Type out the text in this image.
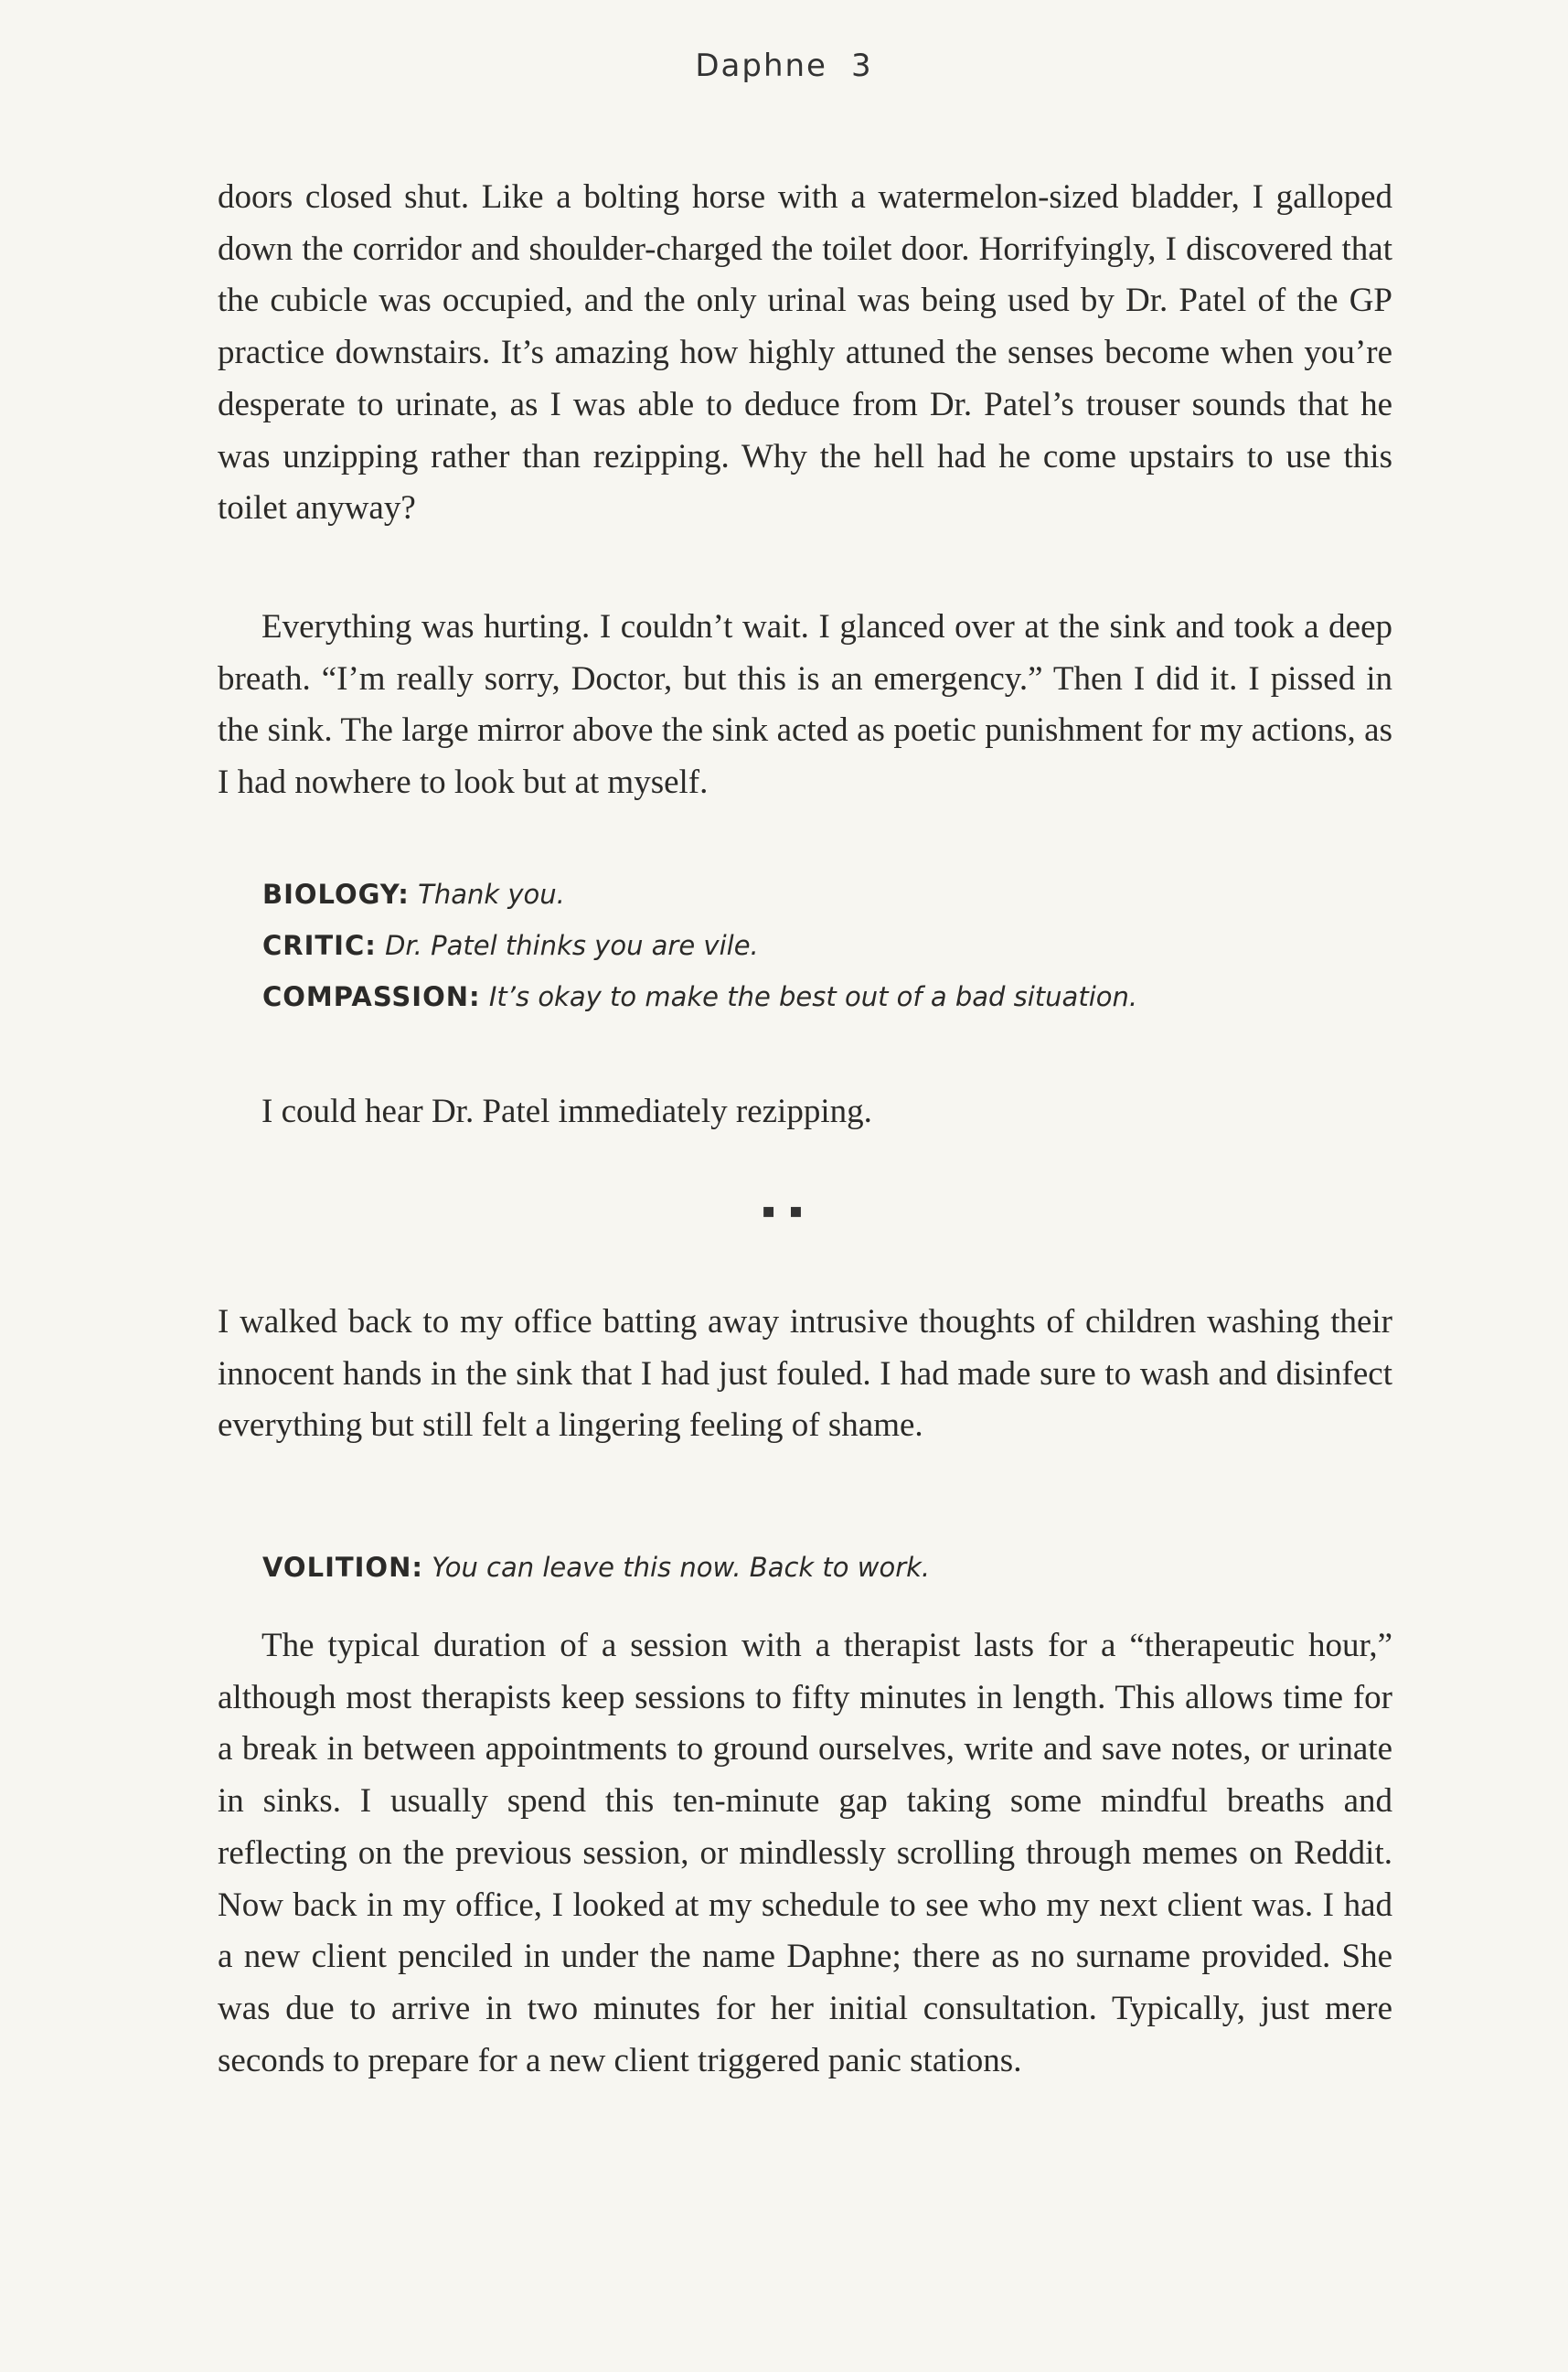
Daphne 3

doors closed shut. Like a bolting horse with a watermelon-sized bladder, I galloped down the corridor and shoulder-charged the toilet door. Horrifyingly, I discovered that the cubicle was occupied, and the only urinal was being used by Dr. Patel of the GP practice downstairs. It’s amazing how highly attuned the senses become when you’re desperate to urinate, as I was able to deduce from Dr. Patel’s trouser sounds that he was unzipping rather than rezipping. Why the hell had he come upstairs to use this toilet anyway?

Everything was hurting. I couldn’t wait. I glanced over at the sink and took a deep breath. “I’m really sorry, Doctor, but this is an emergency.” Then I did it. I pissed in the sink. The large mirror above the sink acted as poetic punishment for my actions, as I had nowhere to look but at myself.

BIOLOGY: Thank you.
CRITIC: Dr. Patel thinks you are vile.
COMPASSION: It’s okay to make the best out of a bad situation.

I could hear Dr. Patel immediately rezipping.

▪ ▪

I walked back to my office batting away intrusive thoughts of children washing their innocent hands in the sink that I had just fouled. I had made sure to wash and disinfect everything but still felt a lingering feeling of shame.

VOLITION: You can leave this now. Back to work.

The typical duration of a session with a therapist lasts for a “therapeutic hour,” although most therapists keep sessions to fifty minutes in length. This allows time for a break in between appointments to ground ourselves, write and save notes, or urinate in sinks. I usually spend this ten-minute gap taking some mindful breaths and reflecting on the previous session, or mindlessly scrolling through memes on Reddit. Now back in my office, I looked at my schedule to see who my next client was. I had a new client penciled in under the name Daphne; there as no surname provided. She was due to arrive in two minutes for her initial consultation. Typically, just mere seconds to prepare for a new client triggered panic stations.
